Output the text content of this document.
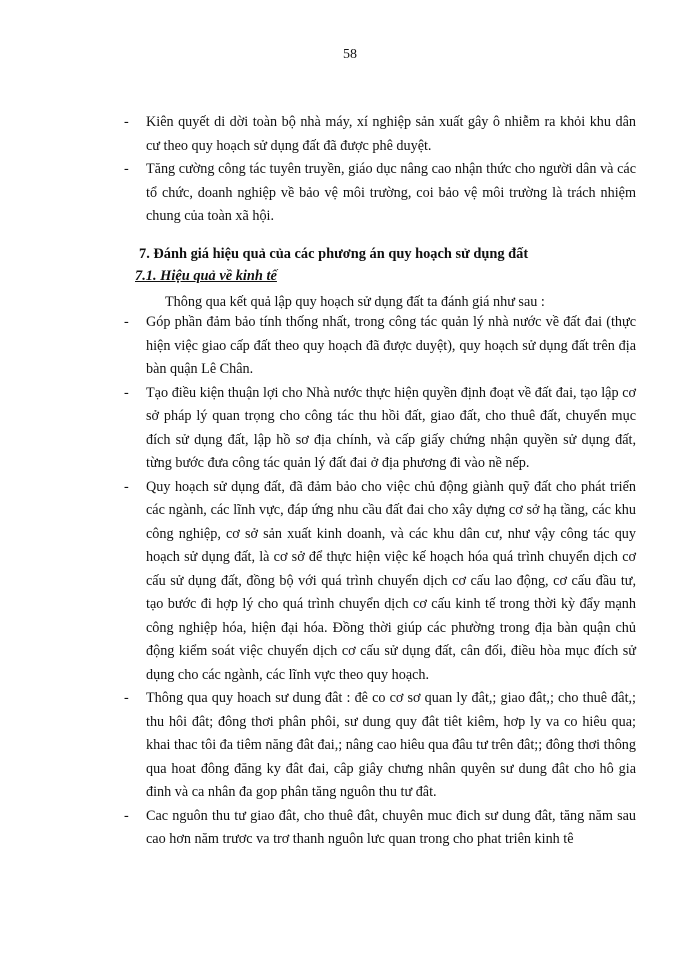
58
- Kiên quyết di dời toàn bộ nhà máy, xí nghiệp sản xuất gây ô nhiễm ra khỏi khu dân cư theo quy hoạch sử dụng đất đã được phê duyệt.
- Tăng cường công tác tuyên truyền, giáo dục nâng cao nhận thức cho người dân và các tổ chức, doanh nghiệp về bảo vệ môi trường, coi bảo vệ môi trường là trách nhiệm chung của toàn xã hội.
7. Đánh giá hiệu quả của các phương án quy hoạch sử dụng đất
7.1. Hiệu quả về kinh tế
Thông qua kết quả lập quy hoạch sử dụng đất ta đánh giá như sau :
- Góp phần đảm bảo tính thống nhất, trong công tác quản lý nhà nước về đất đai (thực hiện việc giao cấp đất theo quy hoạch đã được duyệt), quy hoạch sử dụng đất trên địa bàn quận Lê Chân.
- Tạo điều kiện thuận lợi cho Nhà nước thực hiện quyền định đoạt về đất đai, tạo lập cơ sở pháp lý quan trọng cho công tác thu hồi đất, giao đất, cho thuê đất, chuyển mục đích sử dụng đất, lập hồ sơ địa chính, và cấp giấy chứng nhận quyền sử dụng đất, từng bước đưa công tác quản lý đất đai ở địa phương đi vào nề nếp.
- Quy hoạch sử dụng đất, đã đảm bảo cho việc chủ động giành quỹ đất cho phát triển các ngành, các lĩnh vực, đáp ứng nhu cầu đất đai cho xây dựng cơ sở hạ tầng, các khu công nghiệp, cơ sở sản xuất kinh doanh, và các khu dân cư, như vậy công tác quy hoạch sử dụng đất, là cơ sở để thực hiện việc kế hoạch hóa quá trình chuyển dịch cơ cấu sử dụng đất, đồng bộ với quá trình chuyển dịch cơ cấu lao động, cơ cấu đầu tư, tạo bước đi hợp lý cho quá trình chuyển dịch cơ cấu kinh tế trong thời kỳ đẩy mạnh công nghiệp hóa, hiện đại hóa. Đồng thời giúp các phường trong địa bàn quận chủ động kiểm soát việc chuyển dịch cơ cấu sử dụng đất, cân đối, điều hòa mục đích sử dụng cho các ngành, các lĩnh vực theo quy hoạch.
- Thông qua quy hoach sư dung đât : đê co cơ sơ quan ly đât,; giao đât,; cho thuê đât,; thu hôi đât; đông thơi phân phôi, sư dung quy đât tiêt kiêm, hơp ly va co hiêu qua; khai thac tôi đa tiêm năng đât đai,; nâng cao hiêu qua đâu tư trên đât;; đông thơi thông qua hoat đông đăng ky đât đai, câp giây chưng nhân quyên sư dung đât cho hô gia đinh và ca nhân đa gop phân tăng nguôn thu tư đât.
- Cac nguôn thu tư giao đât, cho thuê đât, chuyên muc đich sư dung đât, tăng năm sau cao hơn năm trươc va trơ thanh nguôn lưc quan trong cho phat triên kinh tê
